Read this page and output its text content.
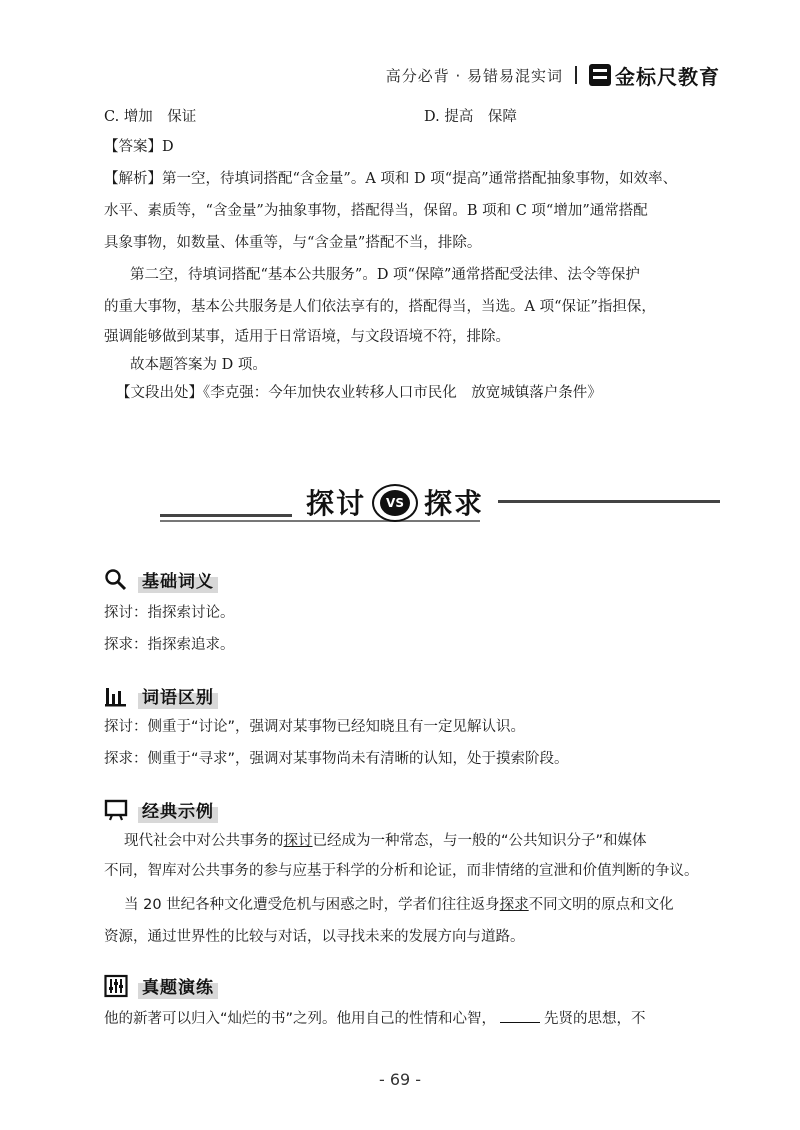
高分必背 · 易错易混实词	金标尺教育
C. 增加　保证	D. 提高　保障
【答案】D
【解析】第一空，待填词搭配“含金量”。A 项和 D 项“提高”通常搭配抽象事物，如效率、
水平、素质等，“含金量”为抽象事物，搭配得当，保留。B 项和 C 项“增加”通常搭配
具象事物，如数量、体重等，与“含金量”搭配不当，排除。
第二空，待填词搭配“基本公共服务”。D 项“保障”通常搭配受法律、法令等保护
的重大事物，基本公共服务是人们依法享有的，搭配得当，当选。A 项“保证”指担保，
强调能够做到某事，适用于日常语境，与文段语境不符，排除。
故本题答案为 D 项。
【文段出处】《李克强：今年加快农业转移人口市民化　放宽城镇落户条件》
探讨	VS 探求
基础词义
探讨：指探索讨论。
探求：指探索追求。
词语区别
探讨：侧重于“讨论”，强调对某事物已经知晓且有一定见解认识。
探求：侧重于“寻求”，强调对某事物尚未有清晰的认知，处于摸索阶段。
经典示例
现代社会中对公共事务的探讨已经成为一种常态，与一般的“公共知识分子”和媒体
不同，智库对公共事务的参与应基于科学的分析和论证，而非情绪的宣泄和价值判断的争议。
当 20 世纪各种文化遭受危机与困惑之时，学者们往往返身探求不同文明的原点和文化
资源，通过世界性的比较与对话，以寻找未来的发展方向与道路。
真题演练
他的新著可以归入“灿烂的书”之列。他用自己的性情和心智，	先贤的思想，不
- 69 -
